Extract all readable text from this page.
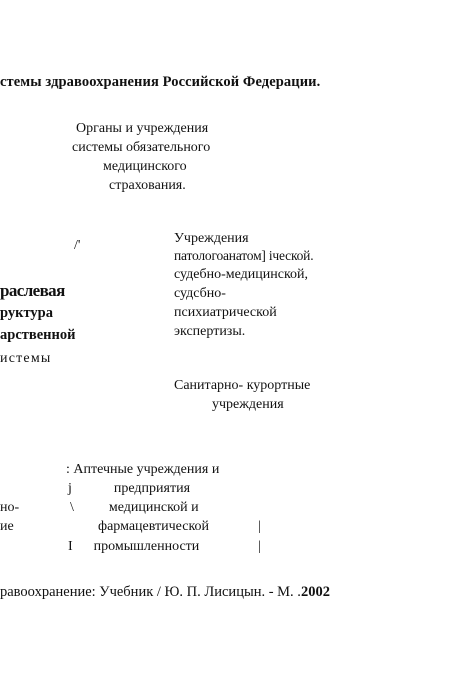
стемы здравоохранения Российской Федерации.
Органы и учреждения
системы обязательного
медицинского
страхования.
/'	Учреждения
патологоанатом] iческой.
судебно-медицинской,
судсбно-
психиатрической
экспертизы.
раслевая
руктура
арственной
истемы
Санитарно- курортные
учреждения
: Аптечные учреждения и
j            предприятия
\          медицинской и
фармацевтической
I      промышленности
|
|
но-
ие
равоохранение: Учебник / Ю. П. Лисицын. - М. .2002
